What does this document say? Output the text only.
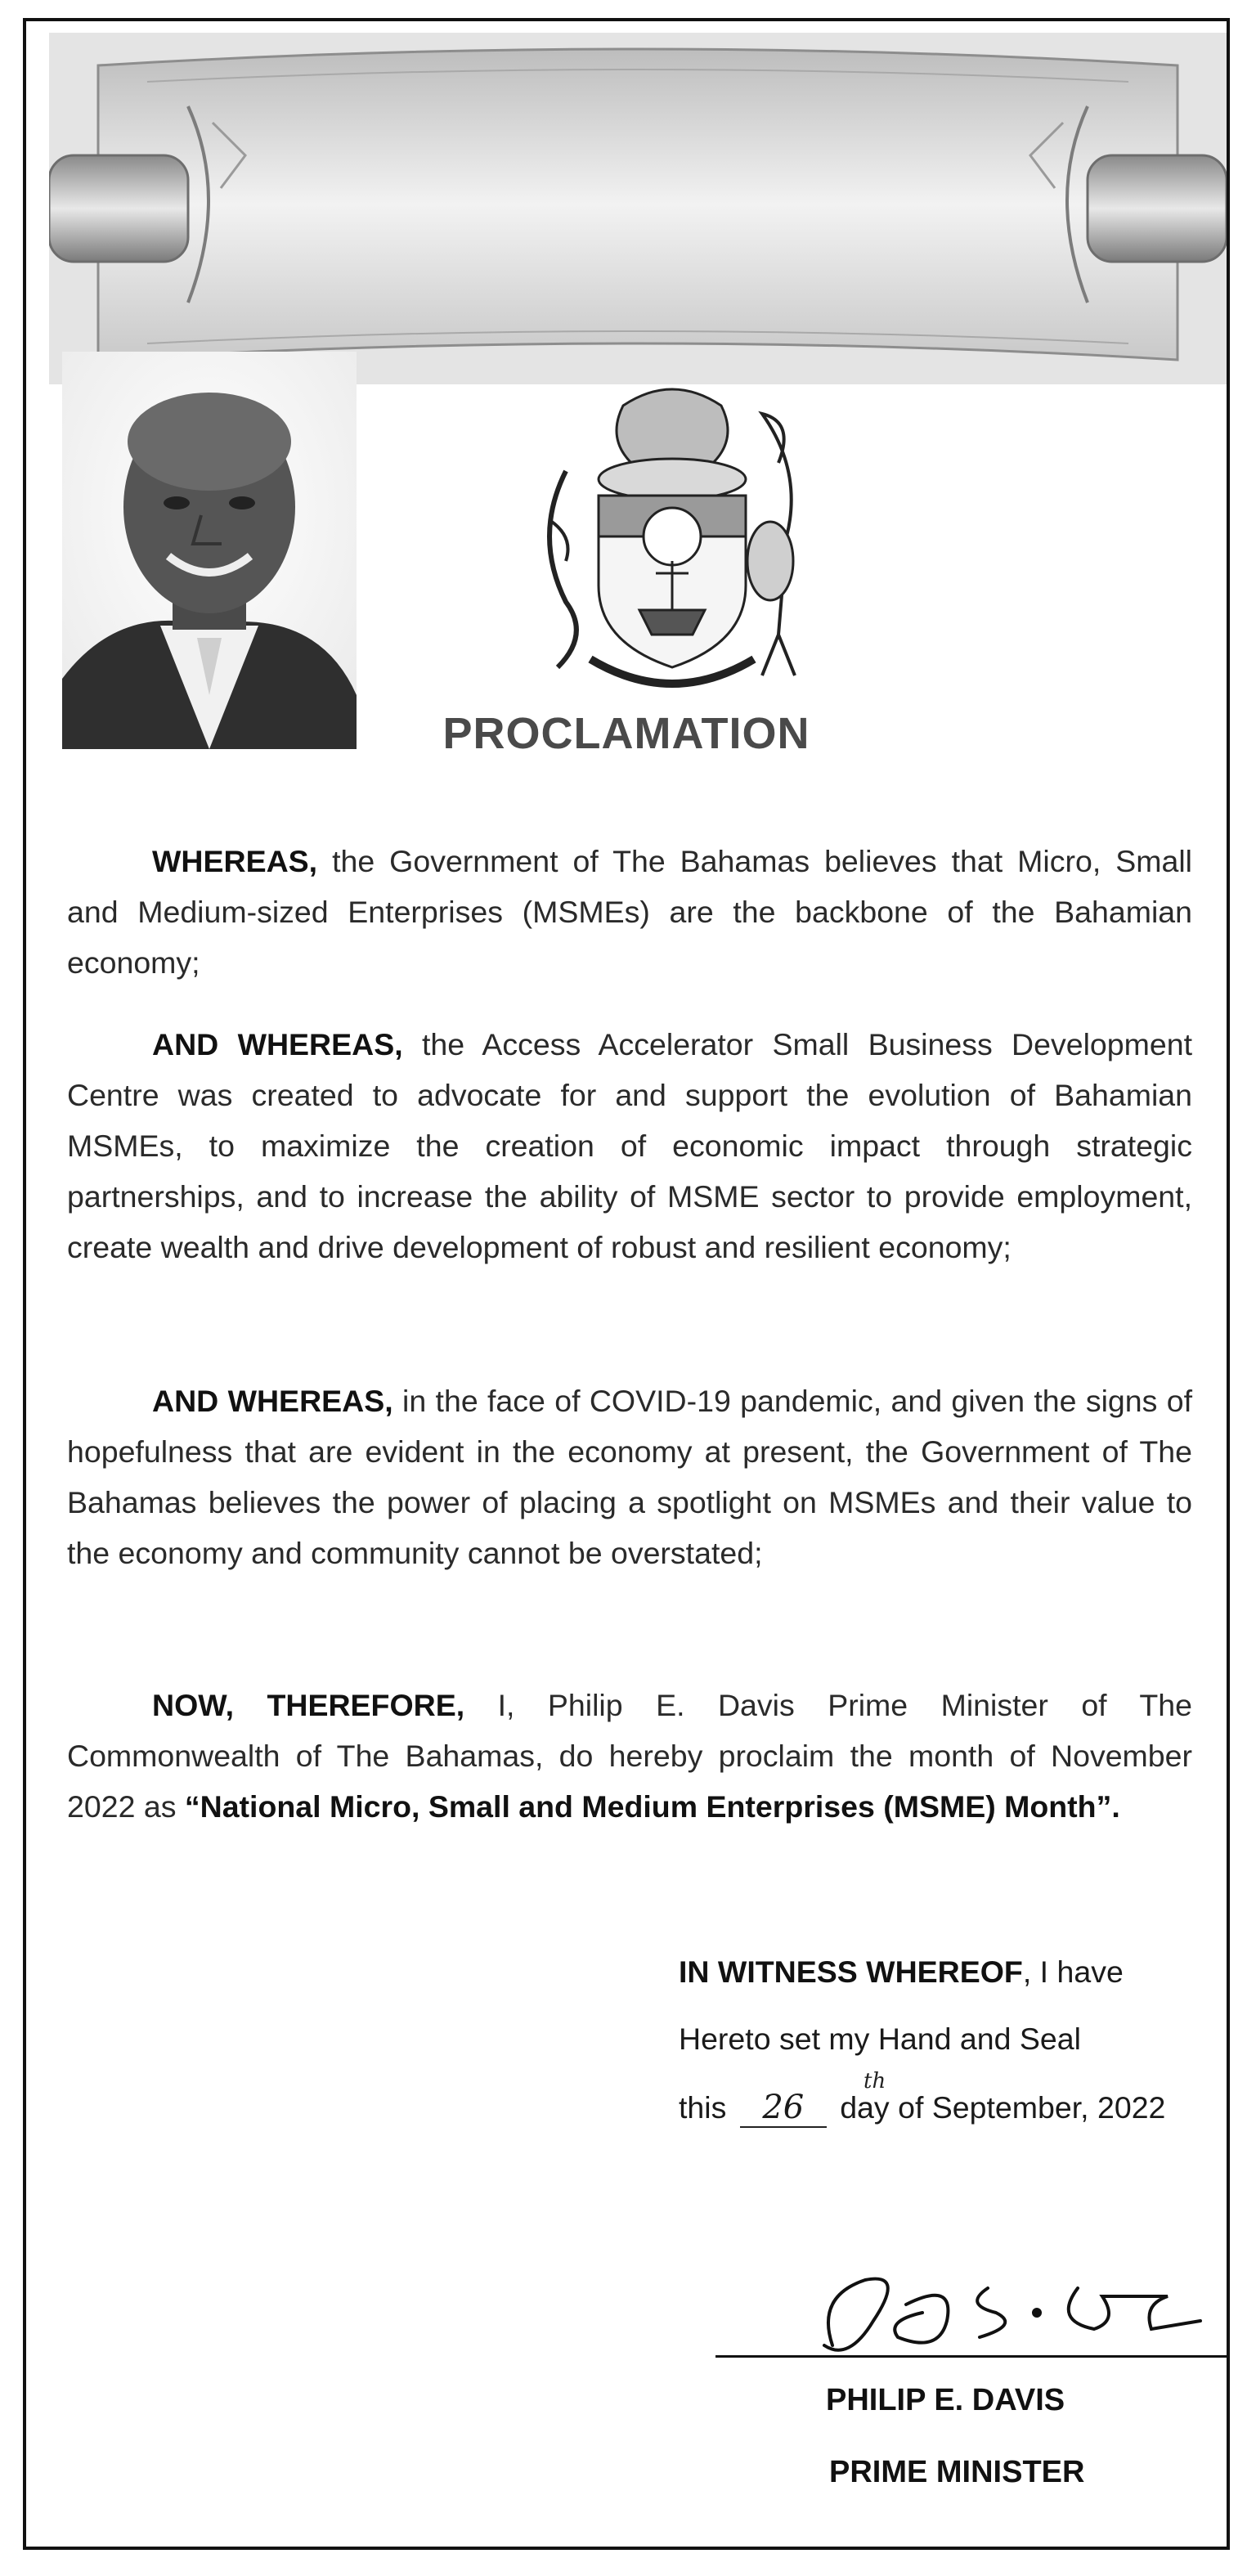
PROCLAMATION

WHEREAS, the Government of The Bahamas believes that Micro, Small and Medium-sized Enterprises (MSMEs) are the backbone of the Bahamian economy;

AND WHEREAS, the Access Accelerator Small Business Development Centre was created to advocate for and support the evolution of Bahamian MSMEs, to maximize the creation of economic impact through strategic partnerships, and to increase the ability of MSME sector to provide employment, create wealth and drive development of robust and resilient economy;

AND WHEREAS, in the face of COVID-19 pandemic, and given the signs of hopefulness that are evident in the economy at present, the Government of The Bahamas believes the power of placing a spotlight on MSMEs and their value to the economy and community cannot be overstated;

NOW, THEREFORE, I, Philip E. Davis Prime Minister of The Commonwealth of The Bahamas, do hereby proclaim the month of November 2022 as “National Micro, Small and Medium Enterprises (MSME) Month”.

IN WITNESS WHEREOF, I have
Hereto set my Hand and Seal
this 26 day of September, 2022
th
PHILIP E. DAVIS
PRIME MINISTER
